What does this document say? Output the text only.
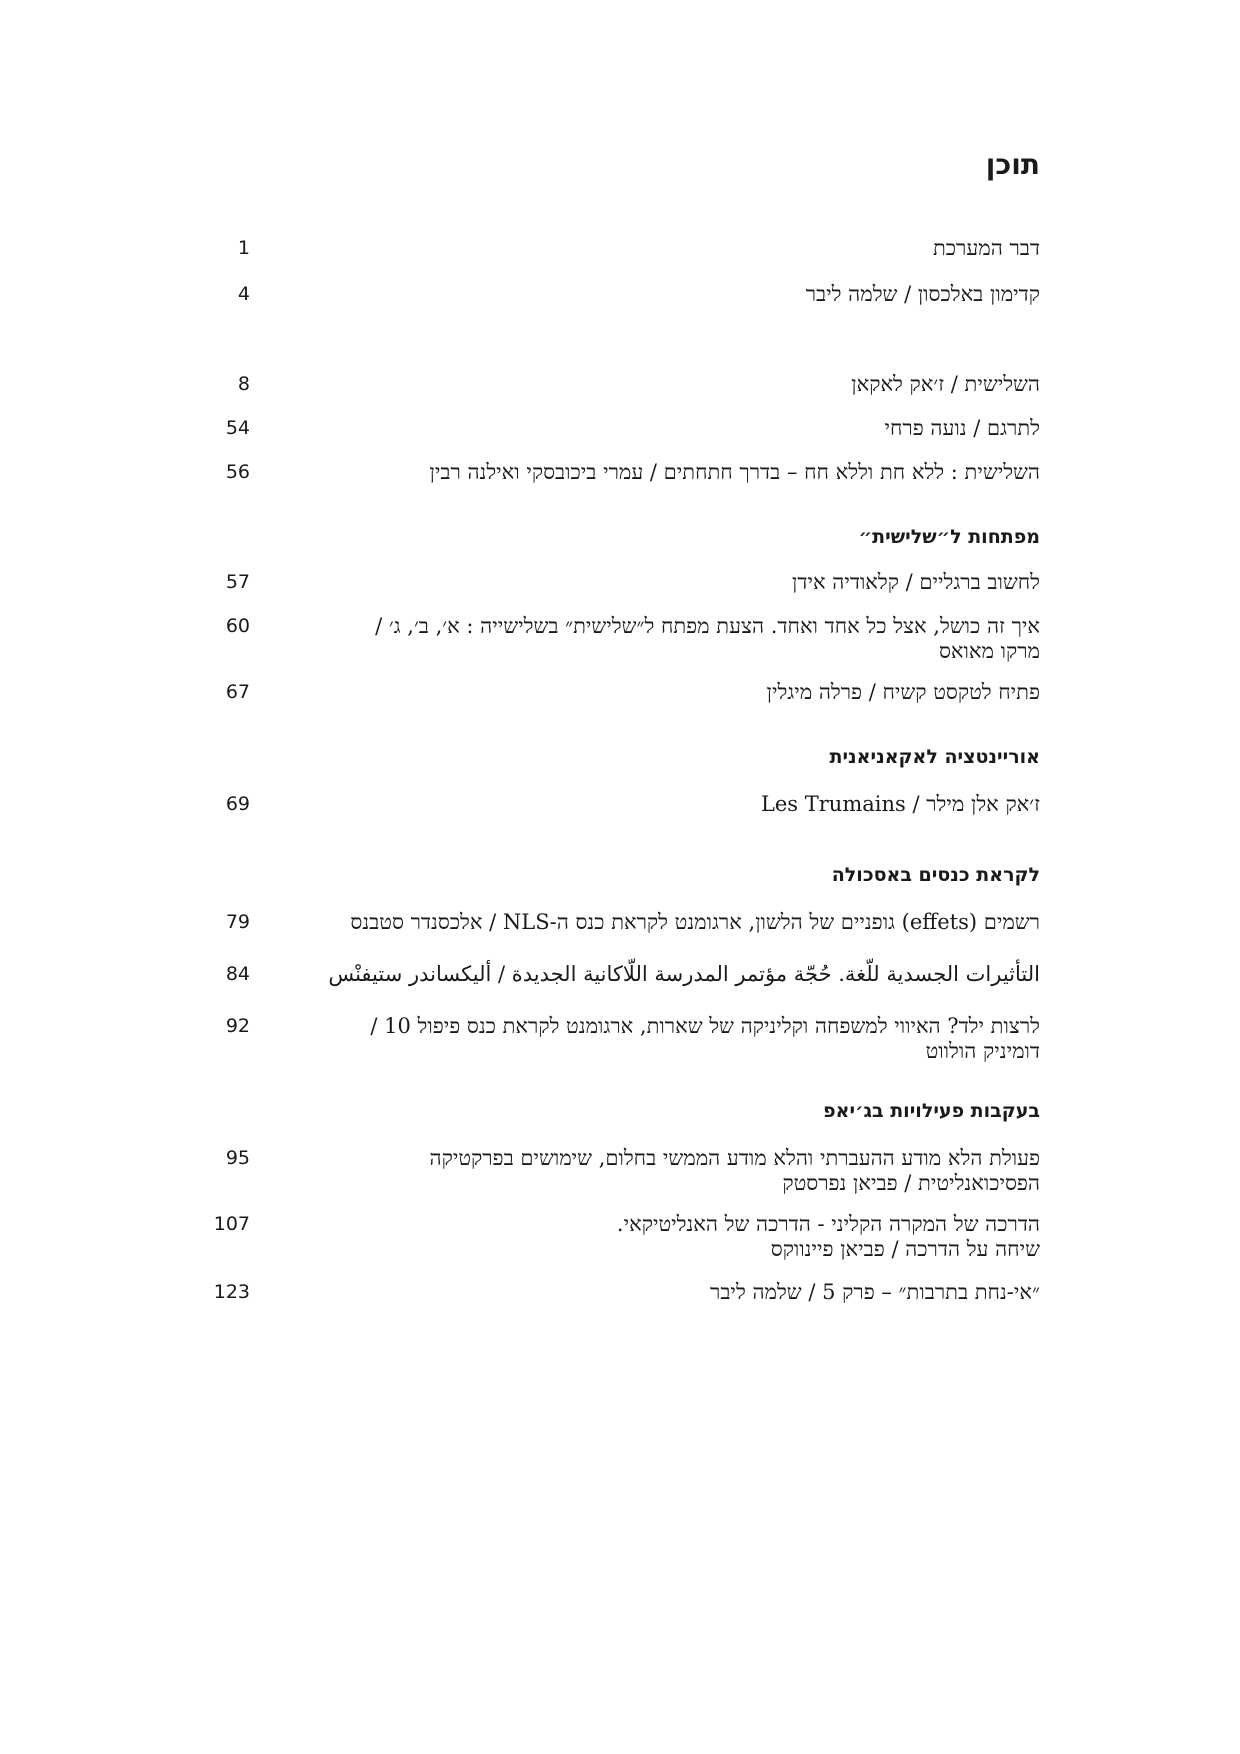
תוכן
דבר המערכת
1
קדימון באלכסון / שלמה ליבר
4
השלישית / ז׳אק לאקאן
8
לתרגם / נועה פרחי
54
השלישית : ללא חת וללא חח – בדרך חתחתים / עמרי ביכובסקי ואילנה רבין
56
מפתחות ל״שלישית״
לחשוב ברגליים / קלאודיה אידן
57
איך זה כושל, אצל כל אחד ואחד. הצעת מפתח ל״שלישית״ בשלישייה : א׳, ב׳, ג׳ /
מרקו מאואס
60
פתיח לטקסט קשיח / פרלה מיגלין
67
אוריינטציה לאקאניאנית
Les Trumains / ז׳אק אלן מילר
69
לקראת כנסים באסכולה
רשמים (effets) גופניים של הלשון, ארגומנט לקראת כנס ה-NLS / אלכסנדר סטבנס
79
التأثيرات الجسدية للّغة. حُجّة مؤتمر المدرسة اللّاكانية الجديدة / أليكساندر ستيفنْس
84
לרצות ילד? האיווי למשפחה וקליניקה של שארות, ארגומנט לקראת כנס פיפול 10 /
דומיניק הולווט
92
בעקבות פעילויות בג׳יאפ
פעולת הלא מודע ההעברתי והלא מודע הממשי בחלום, שימושים בפרקטיקה
הפסיכואנליטית / פביאן נפרסטק
95
הדרכה של המקרה הקליני - הדרכה של האנליטיקאי.
שיחה על הדרכה / פביאן פיינווקס
107
״אי-נחת בתרבות״ – פרק 5 / שלמה ליבר
123
